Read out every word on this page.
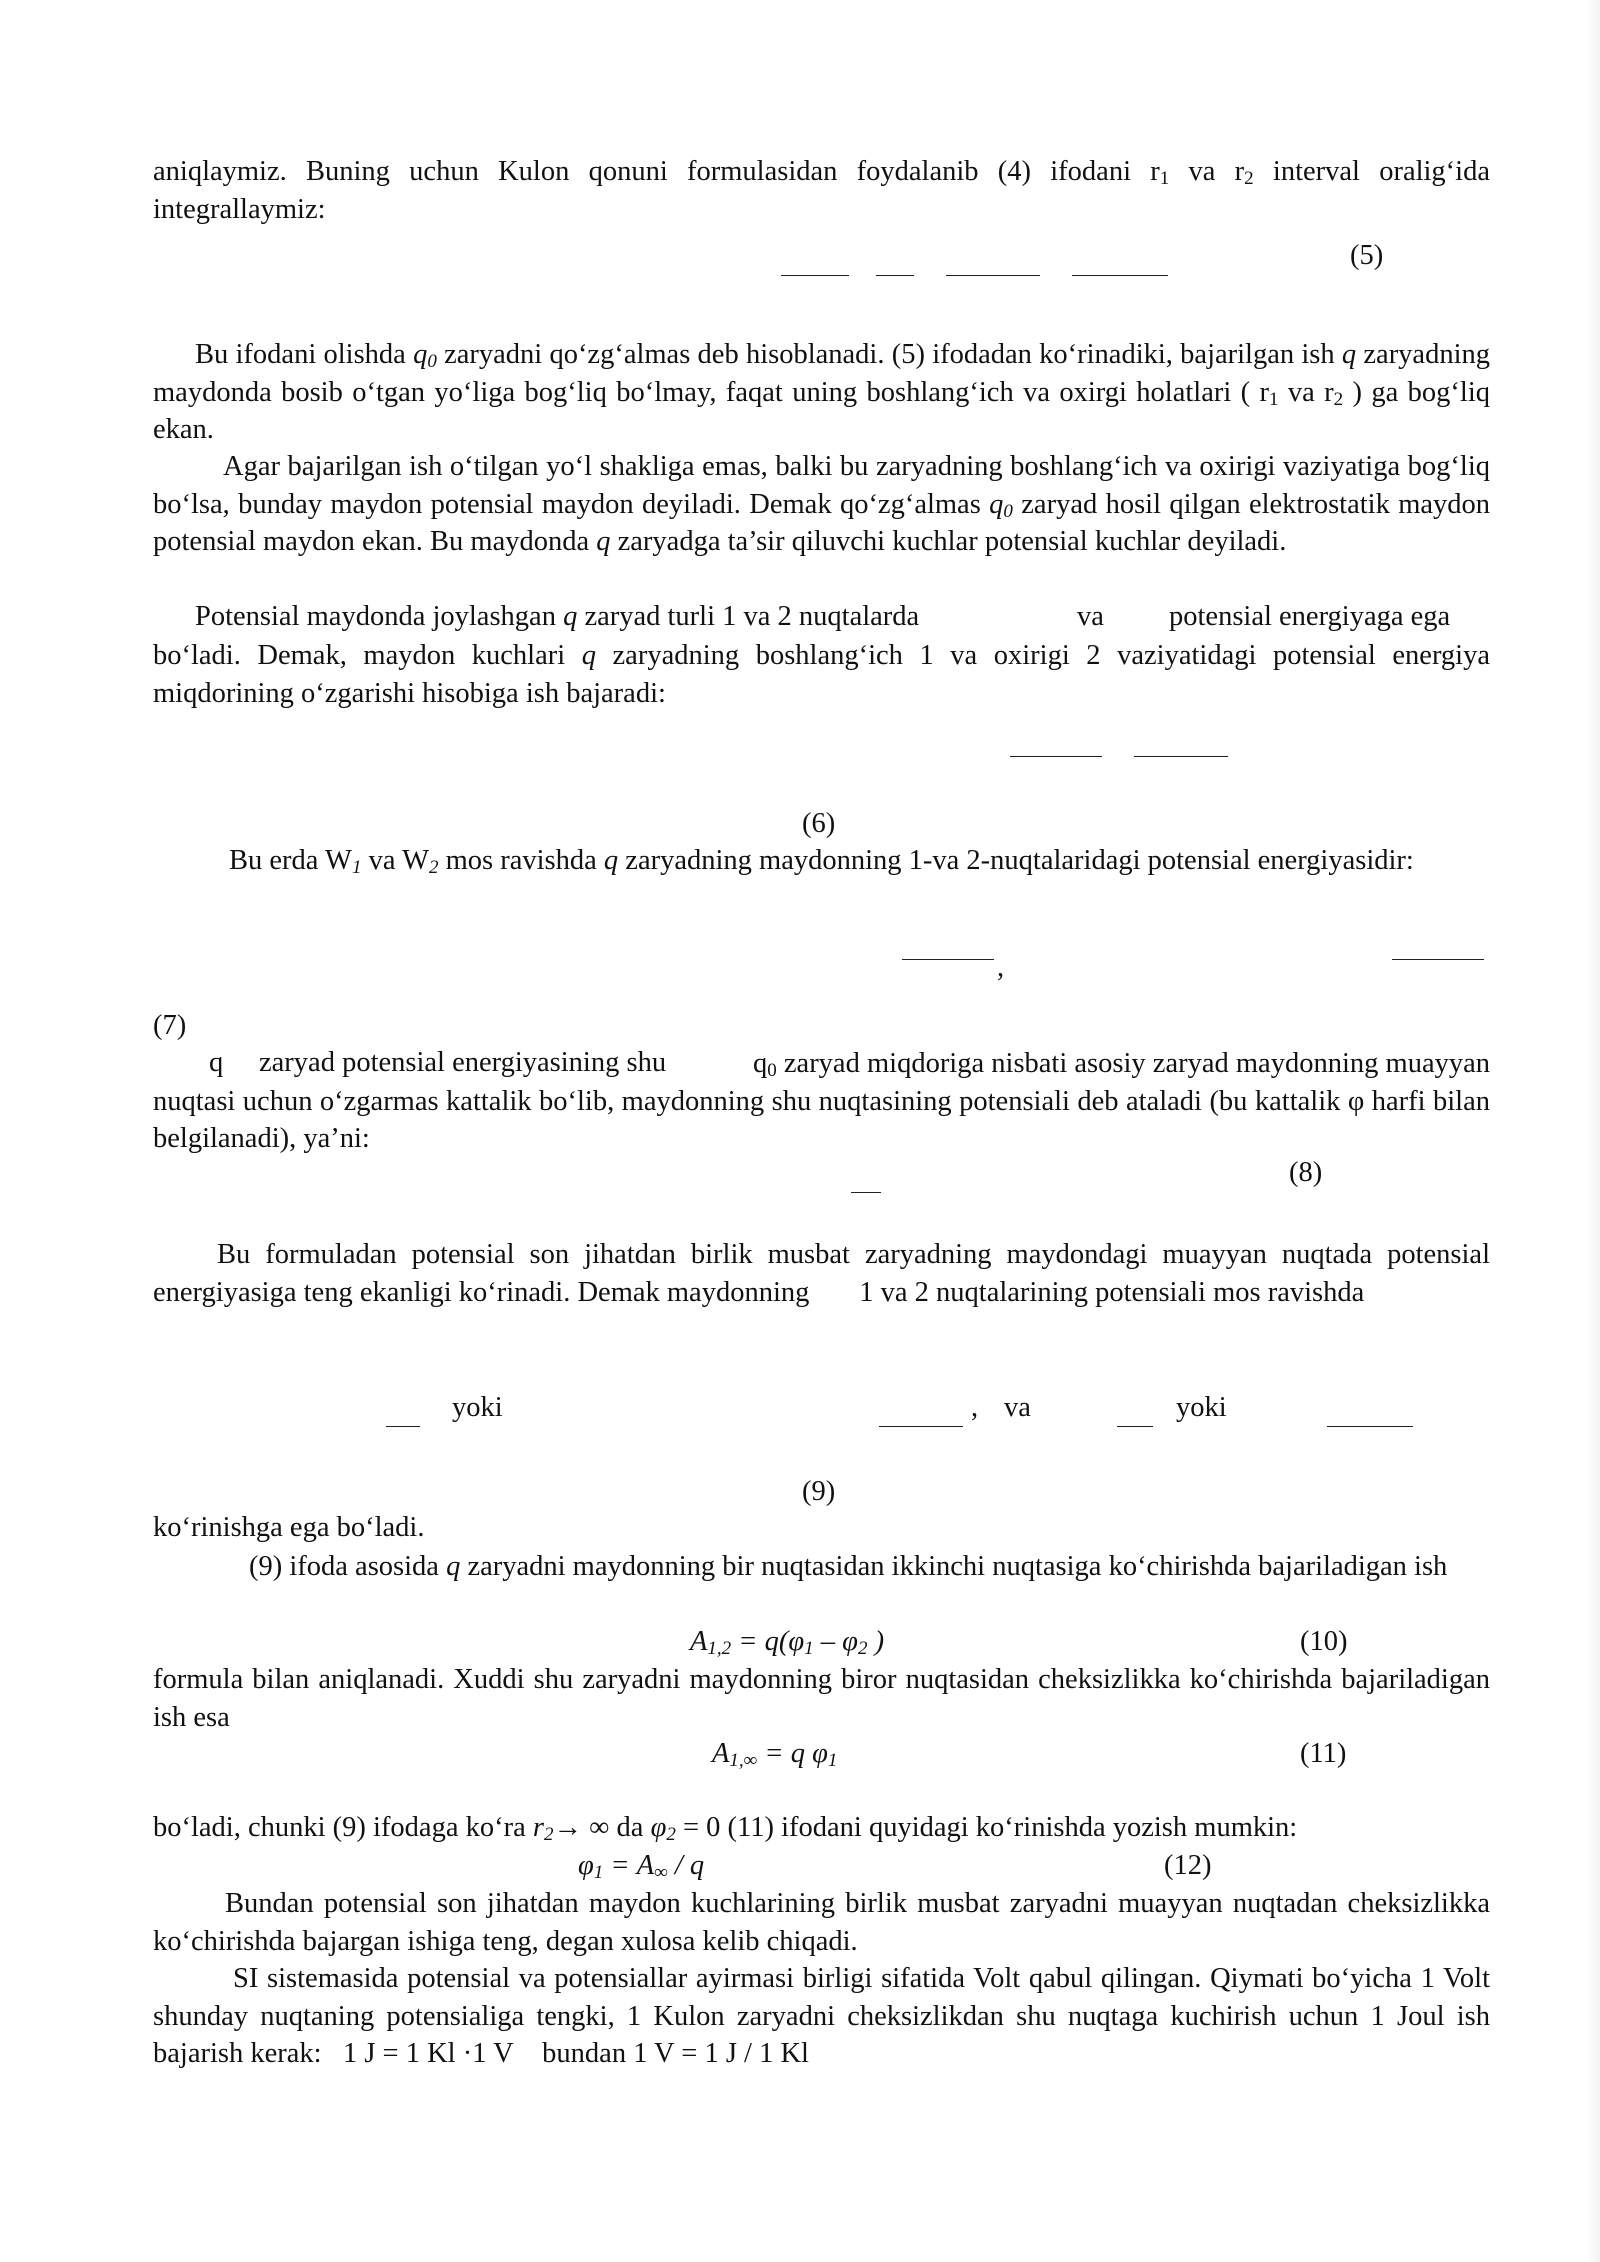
aniqlaymiz. Buning uchun Kulon qonuni formulasidan foydalanib (4) ifodani $r_1$ va $r_2$ interval oralig‘ida integrallaymiz:

(5)

Bu ifodani olishda $q_0$ zaryadni qo‘zg‘almas deb hisoblanadi. (5) ifodadan ko‘rinadiki, bajarilgan ish q zaryadning maydonda bosib o‘tgan yo‘liga bog‘liq bo‘lmay, faqat uning boshlang‘ich va oxirgi holatlari ( $r_1$ va $r_2$ ) ga bog‘liq ekan.

Agar bajarilgan ish o‘tilgan yo‘l shakliga emas, balki bu zaryadning boshlang‘ich va oxirigi vaziyatiga bog‘liq bo‘lsa, bunday maydon potensial maydon deyiladi. Demak qo‘zg‘almas $q_0$ zaryad hosil qilgan elektrostatik maydon potensial maydon ekan. Bu maydonda q zaryadga ta’sir qiluvchi kuchlar potensial kuchlar deyiladi.

Potensial maydonda joylashgan q zaryad turli 1 va 2 nuqtalarda	va potensial energiyaga ega

bo‘ladi. Demak, maydon kuchlari q zaryadning boshlang‘ich 1 va oxirigi 2 vaziyatidagi potensial energiya miqdorining o‘zgarishi hisobiga ish bajaradi:

(6)

Bu erda $W_1$ va $W_2$ mos ravishda q zaryadning maydonning 1-va 2-nuqtalaridagi potensial energiyasidir:

,
(7)
q zaryad potensial energiyasining shu	$q_0$ zaryad miqdoriga nisbati asosiy zaryad maydonning muayyan nuqtasi uchun o‘zgarmas kattalik bo‘lib, maydonning shu nuqtasining potensiali deb ataladi (bu kattalik φ harfi bilan belgilanadi), ya’ni:

(8)

Bu formuladan potensial son jihatdan birlik musbat zaryadning maydondagi muayyan nuqtada potensial energiyasiga teng ekanligi ko‘rinadi. Demak maydonning 1 va 2 nuqtalarining potensiali mos ravishda

yoki	, va	yoki
(9)
ko‘rinishga ega bo‘ladi.

(9) ifoda asosida q zaryadni maydonning bir nuqtasidan ikkinchi nuqtasiga ko‘chirishda bajariladigan ish

$A_{1,2} = q(\varphi_1 - \varphi_2$ )	(10)

formula bilan aniqlanadi. Xuddi shu zaryadni maydonning biror nuqtasidan cheksizlikka ko‘chirishda bajariladigan ish esa

$A_{1,\infty} = q$ $\varphi_1$	(11)
bo‘ladi, chunki (9) ifodaga ko‘ra $r_2\to$ ∞ da $\varphi_2 = 0$ (11) ifodani quyidagi ko‘rinishda yozish mumkin:
$\varphi_1 = A_\infty / q$	(12)

Bundan potensial son jihatdan maydon kuchlarining birlik musbat zaryadni muayyan nuqtadan cheksizlikka ko‘chirishda bajargan ishiga teng, degan xulosa kelib chiqadi.

SI sistemasida potensial va potensiallar ayirmasi birligi sifatida Volt qabul qilingan. Qiymati bo‘yicha 1 Volt shunday nuqtaning potensialiga tengki, 1 Kulon zaryadni cheksizlikdan shu nuqtaga kuchirish uchun 1 Joul ish bajarish kerak: 1 J = 1 Kl ·1 V bundan 1 V = 1 J / 1 Kl
